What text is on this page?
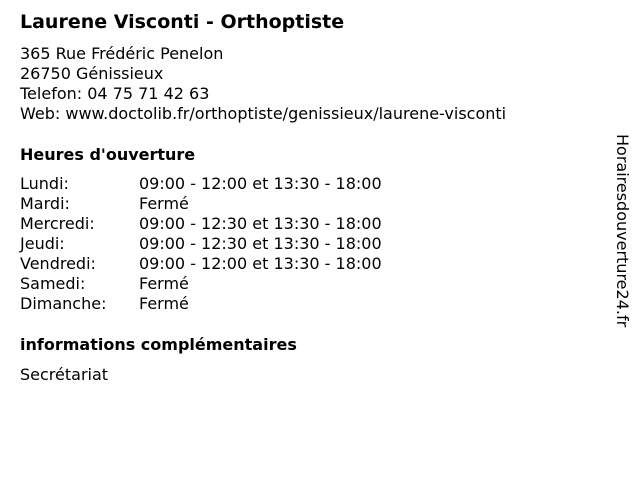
Laurene Visconti - Orthoptiste
365 Rue Frédéric Penelon
26750 Génissieux
Telefon: 04 75 71 42 63
Web: www.doctolib.fr/orthoptiste/genissieux/laurene-visconti
Heures d'ouverture
Lundi:	09:00 - 12:00 et 13:30 - 18:00
Mardi:	Fermé
Mercredi:	09:00 - 12:30 et 13:30 - 18:00
Jeudi:	09:00 - 12:30 et 13:30 - 18:00
Vendredi:	09:00 - 12:00 et 13:30 - 18:00
Samedi:	Fermé
Dimanche: Fermé
informations complémentaires
Secrétariat
Horairesdouverture24.fr
